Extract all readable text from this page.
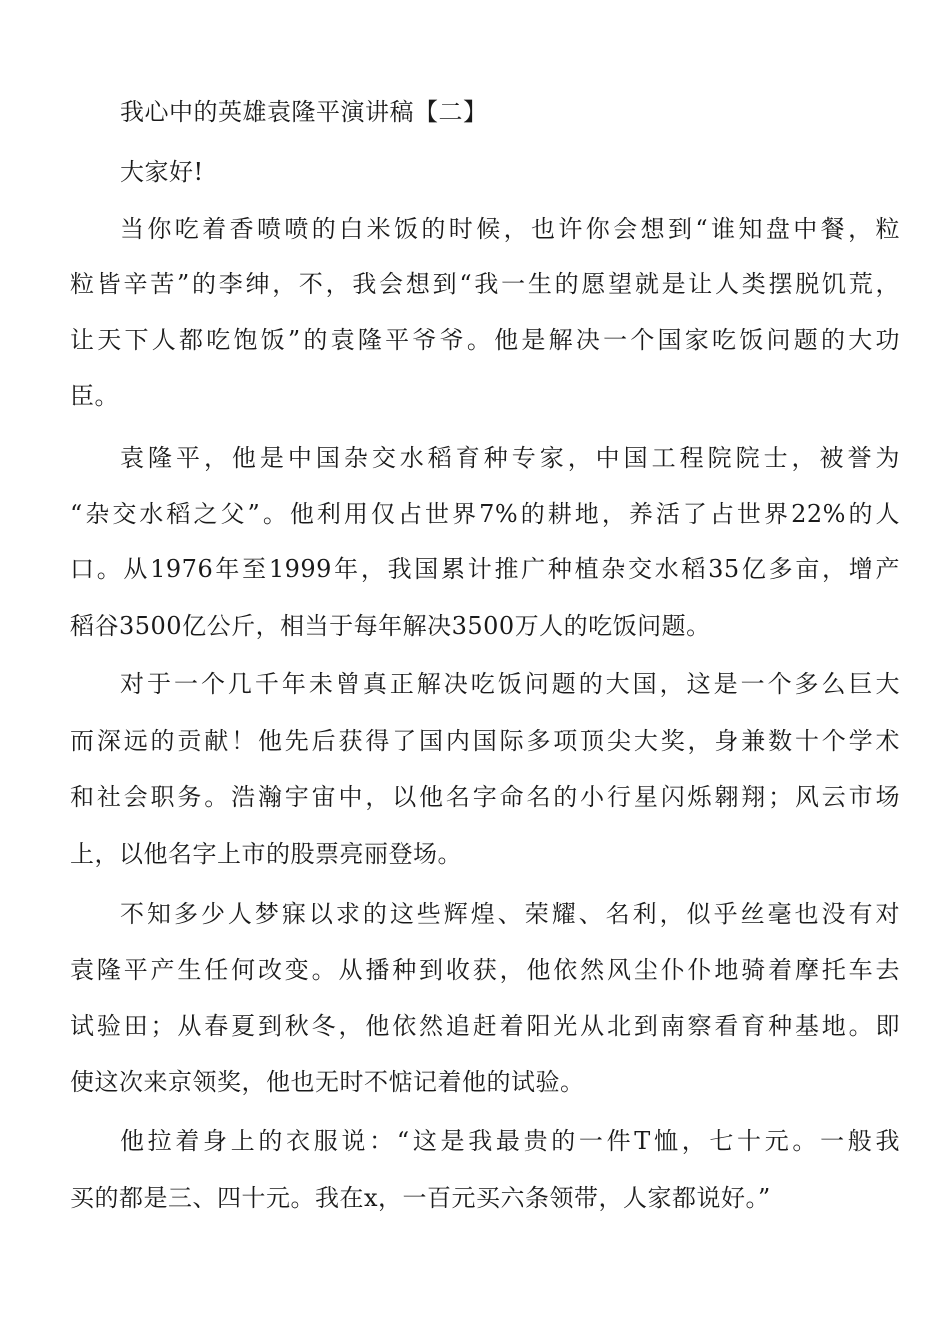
我心中的英雄袁隆平演讲稿【二】
大家好!
当你吃着香喷喷的白米饭的时候，也许你会想到“谁知盘中餐，粒
粒皆辛苦”的李绅，不，我会想到“我一生的愿望就是让人类摆脱饥荒，
让天下人都吃饱饭”的袁隆平爷爷。他是解决一个国家吃饭问题的大功
臣。
袁隆平，他是中国杂交水稻育种专家，中国工程院院士，被誉为
“杂交水稻之父”。他利用仅占世界7%的耕地，养活了占世界22%的人
口。从1976年至1999年，我国累计推广种植杂交水稻35亿多亩，增产
稻谷3500亿公斤，相当于每年解决3500万人的吃饭问题。
对于一个几千年未曾真正解决吃饭问题的大国，这是一个多么巨大
而深远的贡献！他先后获得了国内国际多项顶尖大奖，身兼数十个学术
和社会职务。浩瀚宇宙中，以他名字命名的小行星闪烁翱翔；风云市场
上，以他名字上市的股票亮丽登场。
不知多少人梦寐以求的这些辉煌、荣耀、名利，似乎丝毫也没有对
袁隆平产生任何改变。从播种到收获，他依然风尘仆仆地骑着摩托车去
试验田；从春夏到秋冬，他依然追赶着阳光从北到南察看育种基地。即
使这次来京领奖，他也无时不惦记着他的试验。
他拉着身上的衣服说：“这是我最贵的一件T恤，七十元。一般我
买的都是三、四十元。我在x，一百元买六条领带，人家都说好。”
